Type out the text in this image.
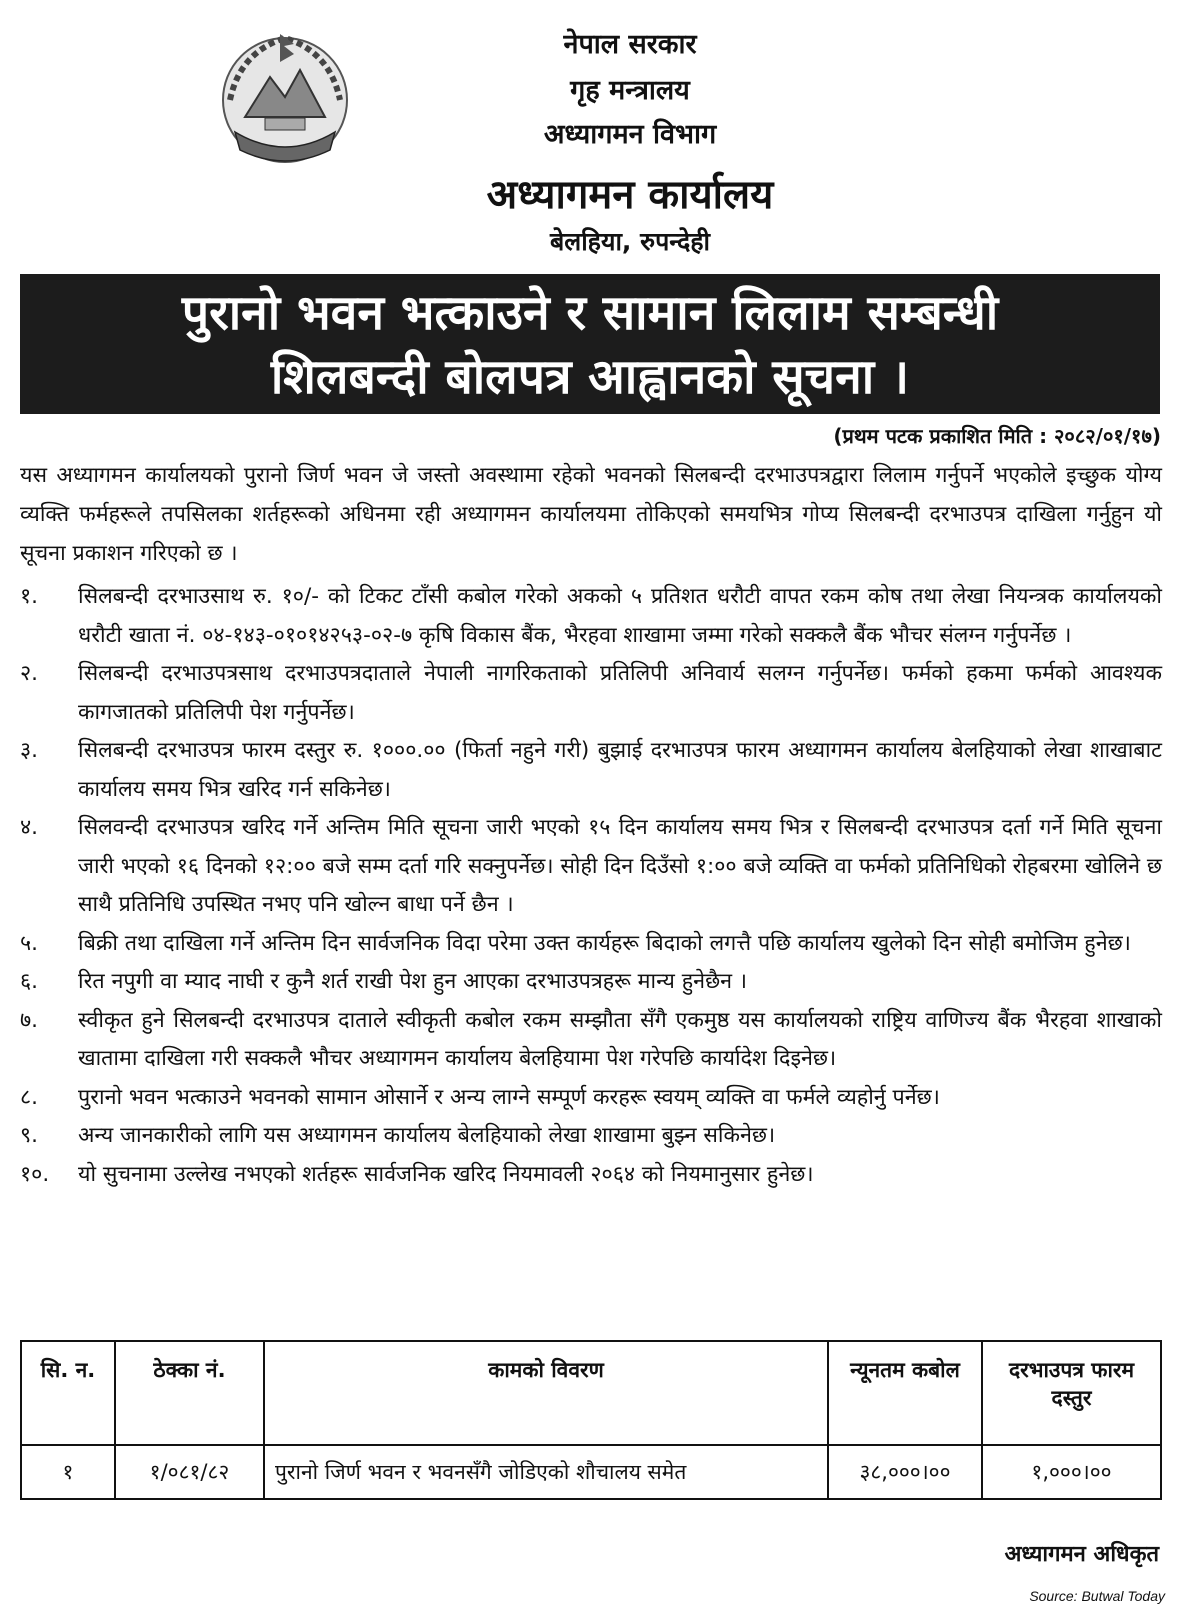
नेपाल सरकार
गृह मन्त्रालय
अध्यागमन विभाग
अध्यागमन कार्यालय
बेलहिया, रुपन्देही
पुरानो भवन भत्काउने र सामान लिलाम सम्बन्धी
शिलबन्दी बोलपत्र आह्वानको सूचना ।
(प्रथम पटक प्रकाशित मिति : २०८२/०१/१७)
यस अध्यागमन कार्यालयको पुरानो जिर्ण भवन जे जस्तो अवस्थामा रहेको भवनको सिलबन्दी दरभाउपत्रद्वारा लिलाम गर्नुपर्ने भएकोले इच्छुक योग्य व्यक्ति फर्महरूले तपसिलका शर्तहरूको अधिनमा रही अध्यागमन कार्यालयमा तोकिएको समयभित्र गोप्य सिलबन्दी दरभाउपत्र दाखिला गर्नुहुन यो सूचना प्रकाशन गरिएको छ ।
१.	सिलबन्दी दरभाउसाथ रु. १०/- को टिकट टाँसी कबोल गरेको अकको ५ प्रतिशत धरौटी वापत रकम कोष तथा लेखा नियन्त्रक कार्यालयको धरौटी खाता नं. ०४-१४३-०१०१४२५३-०२-७ कृषि विकास बैंक, भैरहवा शाखामा जम्मा गरेको सक्कलै बैंक भौचर संलग्न गर्नुपर्नेछ ।
२.	सिलबन्दी दरभाउपत्रसाथ दरभाउपत्रदाताले नेपाली नागरिकताको प्रतिलिपी अनिवार्य सलग्न गर्नुपर्नेछ। फर्मको हकमा फर्मको आवश्यक कागजातको प्रतिलिपी पेश गर्नुपर्नेछ।
३.	सिलबन्दी दरभाउपत्र फारम दस्तुर रु. १०००.०० (फिर्ता नहुने गरी) बुझाई दरभाउपत्र फारम अध्यागमन कार्यालय बेलहियाको लेखा शाखाबाट कार्यालय समय भित्र खरिद गर्न सकिनेछ।
४.	सिलवन्दी दरभाउपत्र खरिद गर्ने अन्तिम मिति सूचना जारी भएको १५ दिन कार्यालय समय भित्र र सिलबन्दी दरभाउपत्र दर्ता गर्ने मिति सूचना जारी भएको १६ दिनको १२:०० बजे सम्म दर्ता गरि सक्नुपर्नेछ। सोही दिन दिउँसो १:०० बजे व्यक्ति वा फर्मको प्रतिनिधिको रोहबरमा खोलिने छ साथै प्रतिनिधि उपस्थित नभए पनि खोल्न बाधा पर्ने छैन ।
५.	बिक्री तथा दाखिला गर्ने अन्तिम दिन सार्वजनिक विदा परेमा उक्त कार्यहरू बिदाको लगत्तै पछि कार्यालय खुलेको दिन सोही बमोजिम हुनेछ।
६.	रित नपुगी वा म्याद नाघी र कुनै शर्त राखी पेश हुन आएका दरभाउपत्रहरू मान्य हुनेछैन ।
७.	स्वीकृत हुने सिलबन्दी दरभाउपत्र दाताले स्वीकृती कबोल रकम सम्झौता सँगै एकमुष्ठ यस कार्यालयको राष्ट्रिय वाणिज्य बैंक भैरहवा शाखाको खातामा दाखिला गरी सक्कलै भौचर अध्यागमन कार्यालय बेलहियामा पेश गरेपछि कार्यादेश दिइनेछ।
८.	पुरानो भवन भत्काउने भवनको सामान ओसार्ने र अन्य लाग्ने सम्पूर्ण करहरू स्वयम् व्यक्ति वा फर्मले व्यहोर्नु पर्नेछ।
९.	अन्य जानकारीको लागि यस अध्यागमन कार्यालय बेलहियाको लेखा शाखामा बुझ्न सकिनेछ।
१०.	यो सुचनामा उल्लेख नभएको शर्तहरू सार्वजनिक खरिद नियमावली २०६४ को नियमानुसार हुनेछ।
सि. न.	ठेक्का नं.	कामको विवरण	न्यूनतम कबोल	दरभाउपत्र फारम दस्तुर
१	१/०८१/८२	पुरानो जिर्ण भवन र भवनसँगै जोडिएको शौचालय समेत	३८,०००।००	१,०००।००
अध्यागमन अधिकृत
Source: Butwal Today
